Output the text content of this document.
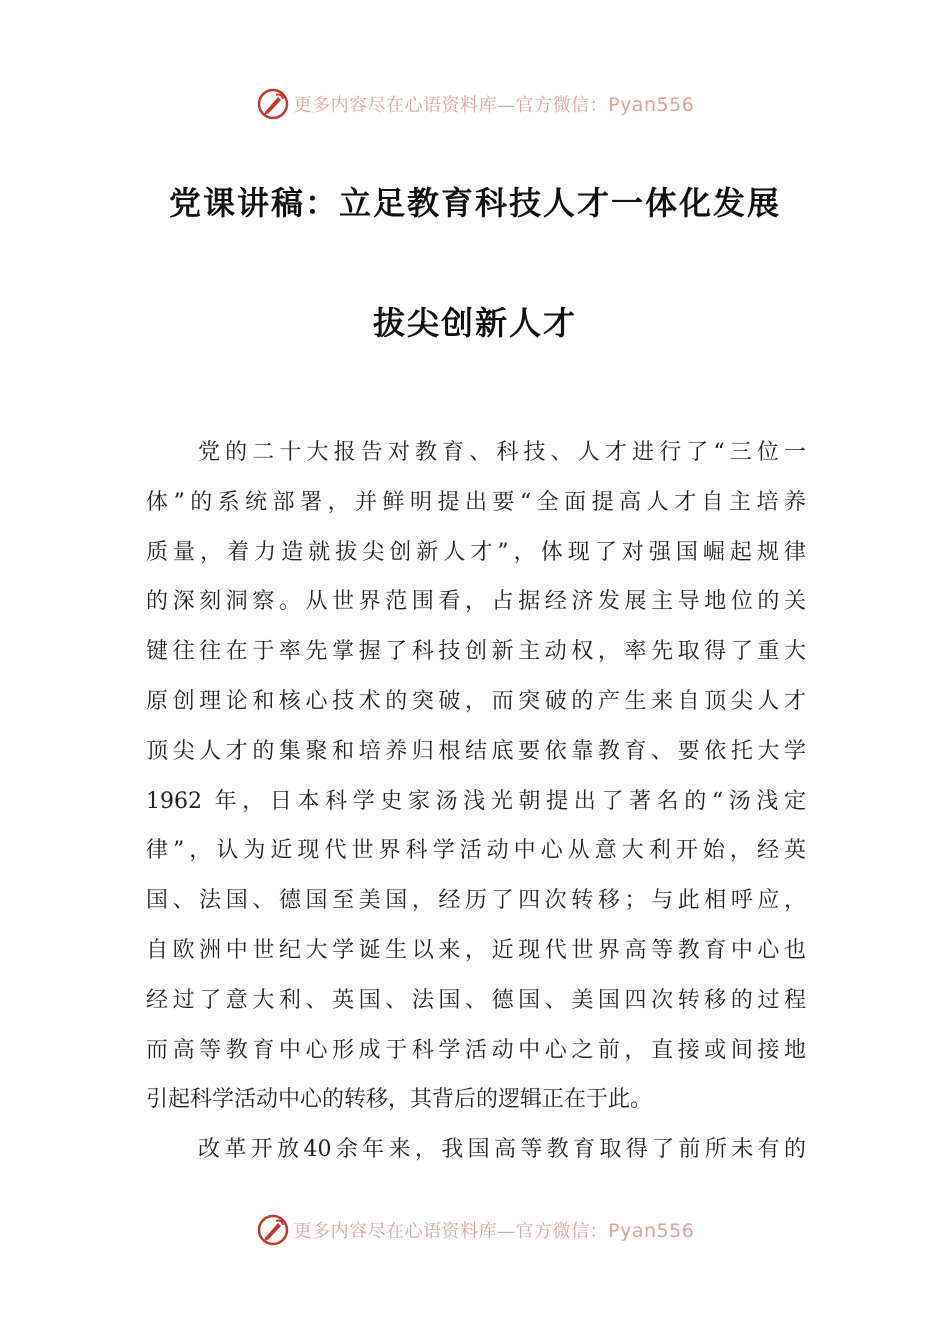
更多内容尽在心语资料库—官方微信：Pyan556
党课讲稿：立足教育科技人才一体化发展
拔尖创新人才
党的二十大报告对教育、科技、人才进行了“三位一
体”的系统部署，并鲜明提出要“全面提高人才自主培养
质量，着力造就拔尖创新人才”，体现了对强国崛起规律
的深刻洞察。从世界范围看，占据经济发展主导地位的关
键往往在于率先掌握了科技创新主动权，率先取得了重大
原创理论和核心技术的突破，而突破的产生来自顶尖人才
顶尖人才的集聚和培养归根结底要依靠教育、要依托大学
1962 年，日本科学史家汤浅光朝提出了著名的“汤浅定
律”，认为近现代世界科学活动中心从意大利开始，经英
国、法国、德国至美国，经历了四次转移；与此相呼应，
自欧洲中世纪大学诞生以来，近现代世界高等教育中心也
经过了意大利、英国、法国、德国、美国四次转移的过程
而高等教育中心形成于科学活动中心之前，直接或间接地
引起科学活动中心的转移，其背后的逻辑正在于此。
改革开放40余年来，我国高等教育取得了前所未有的
更多内容尽在心语资料库—官方微信：Pyan556
